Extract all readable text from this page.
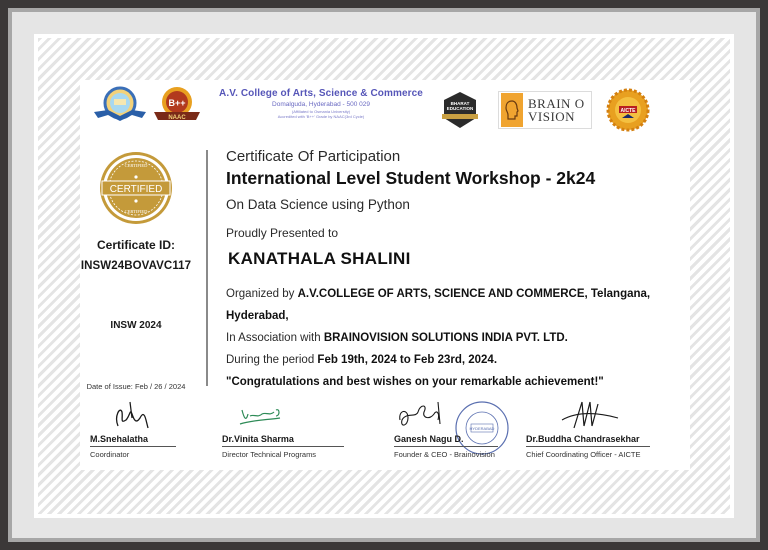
B++
NAAC
A.V. College of Arts, Science & Commerce
Domalguda, Hyderabad - 500 029
(Affiliated to Osmania University)
Accredited with 'B++' Grade by NAAC(3rd Cycle)
BHARAT
EDUCATION	BRAIN O
VISION	AICTE
CERTIFIED
CERTIFIED
CERTIFIED
Certificate ID:
INSW24BOVAVC117
INSW 2024
Date of Issue: Feb / 26 / 2024
Certificate Of Participation
International Level Student Workshop - 2k24
On Data Science using Python
Proudly Presented to
KANATHALA SHALINI
Organized by A.V.COLLEGE OF ARTS, SCIENCE AND COMMERCE, Telangana,
Hyderabad,
In Association with BRAINOVISION SOLUTIONS INDIA PVT. LTD.
During the period Feb 19th, 2024 to Feb 23rd, 2024.
"Congratulations and best wishes on your remarkable achievement!"
M.Snehalatha
Coordinator
Dr.Vinita Sharma
Director Technical Programs
HYDERABAD
Ganesh Nagu D.
Founder & CEO - Brainovision
Dr.Buddha Chandrasekhar
Chief Coordinating Officer - AICTE
